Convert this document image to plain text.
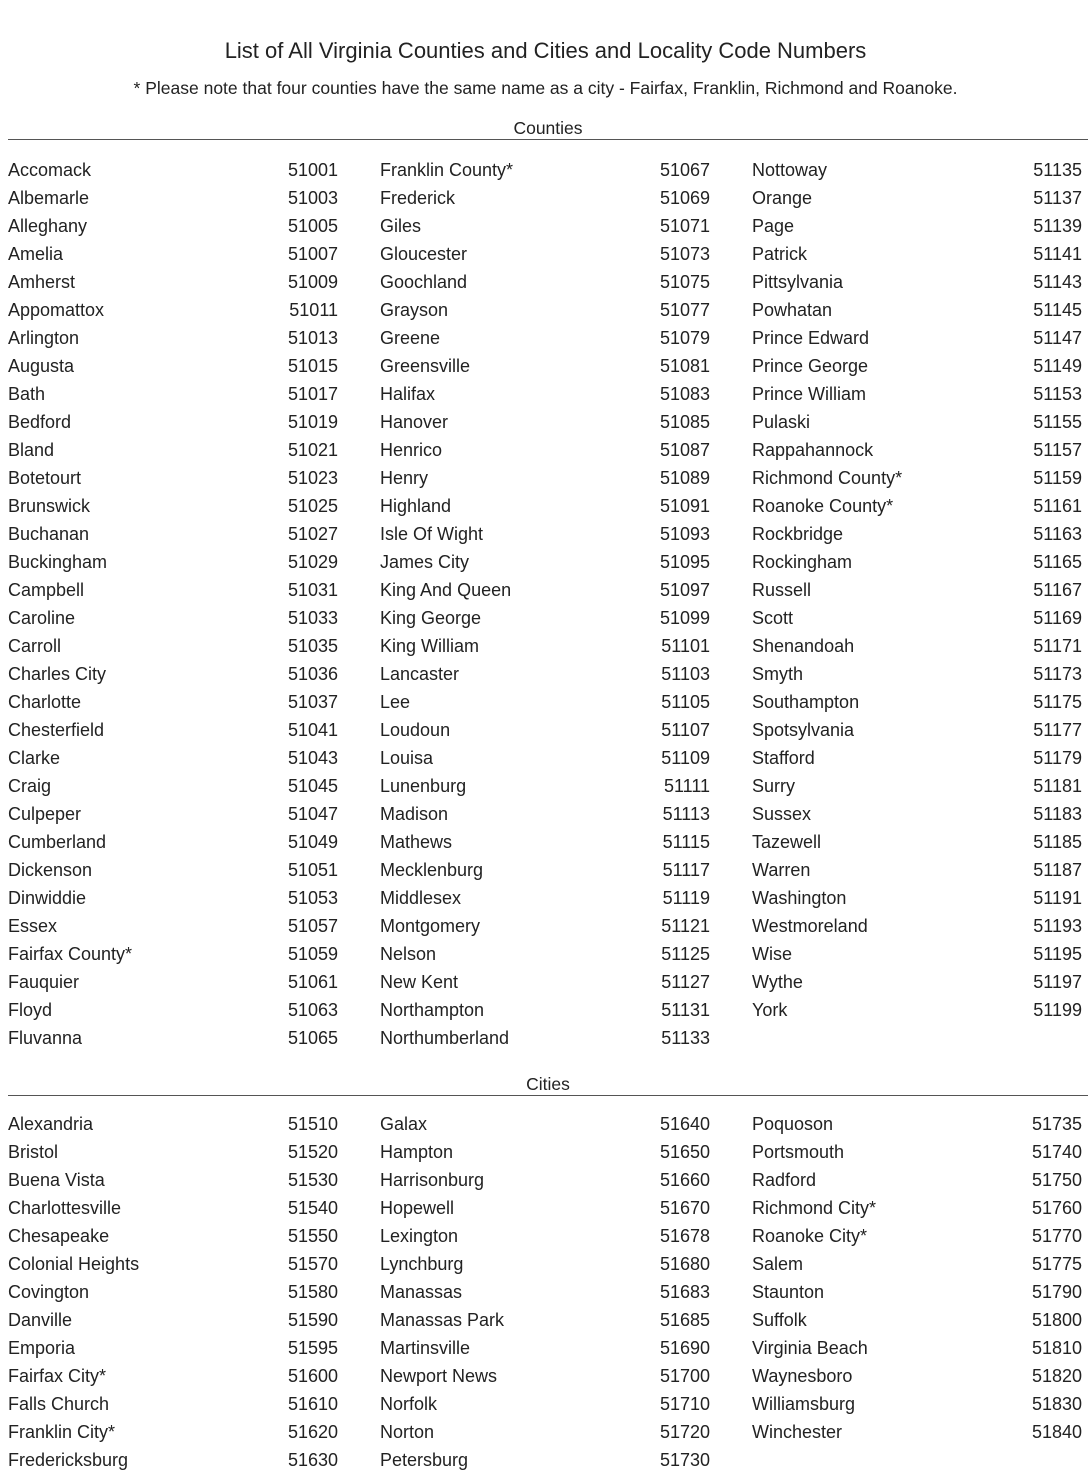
List of All Virginia Counties and Cities and Locality Code Numbers
* Please note that four counties have the same name as a city - Fairfax, Franklin, Richmond and Roanoke.
Counties
Accomack	51001
Albemarle	51003
Alleghany	51005
Amelia	51007
Amherst	51009
Appomattox	51011
Arlington	51013
Augusta	51015
Bath	51017
Bedford	51019
Bland	51021
Botetourt	51023
Brunswick	51025
Buchanan	51027
Buckingham	51029
Campbell	51031
Caroline	51033
Carroll	51035
Charles City	51036
Charlotte	51037
Chesterfield	51041
Clarke	51043
Craig	51045
Culpeper	51047
Cumberland	51049
Dickenson	51051
Dinwiddie	51053
Essex	51057
Fairfax County*	51059
Fauquier	51061
Floyd	51063
Fluvanna	51065
Franklin County*	51067
Frederick	51069
Giles	51071
Gloucester	51073
Goochland	51075
Grayson	51077
Greene	51079
Greensville	51081
Halifax	51083
Hanover	51085
Henrico	51087
Henry	51089
Highland	51091
Isle Of Wight	51093
James City	51095
King And Queen	51097
King George	51099
King William	51101
Lancaster	51103
Lee	51105
Loudoun	51107
Louisa	51109
Lunenburg	51111
Madison	51113
Mathews	51115
Mecklenburg	51117
Middlesex	51119
Montgomery	51121
Nelson	51125
New Kent	51127
Northampton	51131
Northumberland	51133
Nottoway	51135
Orange	51137
Page	51139
Patrick	51141
Pittsylvania	51143
Powhatan	51145
Prince Edward	51147
Prince George	51149
Prince William	51153
Pulaski	51155
Rappahannock	51157
Richmond County*	51159
Roanoke County*	51161
Rockbridge	51163
Rockingham	51165
Russell	51167
Scott	51169
Shenandoah	51171
Smyth	51173
Southampton	51175
Spotsylvania	51177
Stafford	51179
Surry	51181
Sussex	51183
Tazewell	51185
Warren	51187
Washington	51191
Westmoreland	51193
Wise	51195
Wythe	51197
York	51199
Cities
Alexandria	51510
Bristol	51520
Buena Vista	51530
Charlottesville	51540
Chesapeake	51550
Colonial Heights	51570
Covington	51580
Danville	51590
Emporia	51595
Fairfax City*	51600
Falls Church	51610
Franklin City*	51620
Fredericksburg	51630
Galax	51640
Hampton	51650
Harrisonburg	51660
Hopewell	51670
Lexington	51678
Lynchburg	51680
Manassas	51683
Manassas Park	51685
Martinsville	51690
Newport News	51700
Norfolk	51710
Norton	51720
Petersburg	51730
Poquoson	51735
Portsmouth	51740
Radford	51750
Richmond City*	51760
Roanoke City*	51770
Salem	51775
Staunton	51790
Suffolk	51800
Virginia Beach	51810
Waynesboro	51820
Williamsburg	51830
Winchester	51840
